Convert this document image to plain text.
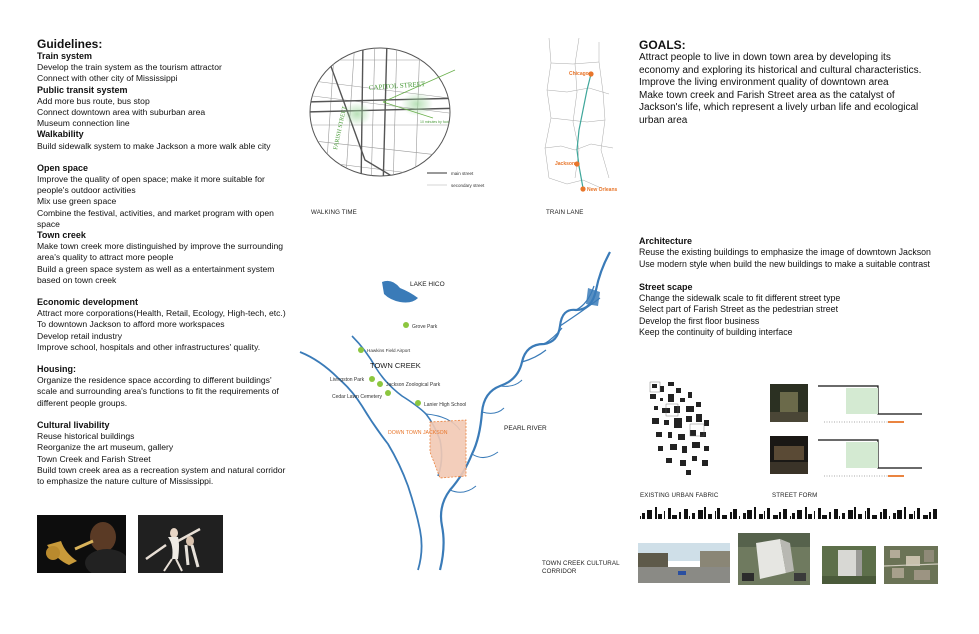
Guidelines:
Train system
Develop the train system as the tourism attractor
Connect with other city of Mississippi
Public transit system
Add more bus route, bus stop
Connect downtown area with suburban area
Museum connection line
Walkability
Build sidewalk system to make Jackson a more walk able city
Open space
Improve the quality of open space; make it more suitable for people's outdoor activities
Mix use green space
Combine the festival, activities, and market program with open space
Town creek
Make town creek more distinguished by improve the surrounding area's quality to attract more people
Build a green space system as well as a entertainment system based on town creek
Economic development
Attract more corporations(Health, Retail, Ecology, High-tech, etc.) To downtown Jackson to afford more workspaces
Develop retail industry
Improve school, hospitals and other infrastructures' quality.
Housing:
Organize the residence space according to different buildings' scale and surrounding area's functions to fit the requirements of different people groups.
Cultural livability
Reuse historical buildings
Reorganize the art museum, gallery
Town Creek and Farish Street
Build town creek area as a recreation system and natural corridor to emphasize the nature culture of Mississippi.
CAPITOL STREET
FARISH STREET	10 minutes by foot
main street
secondary street
WALKING TIME
Chicago
Jackson
New Orleans
TRAIN LANE
LAKE HICO
DOWN TOWN JACKSON
Grove Park
Hawkins Field Airport
TOWN CREEK
Livingston Park
Jackson Zoological Park
Cedar Lawn Cemetery
Lanier High School
PEARL RIVER
TOWN CREEK CULTURAL CORRIDOR
GOALS:
Attract people to live in down town area by developing its economy and exploring its historical and cultural characteristics.
Improve the living environment quality of downtown area
Make town creek and Farish Street area as the catalyst of Jackson's life, which represent a lively urban life and ecological urban area
Architecture
Reuse the existing buildings to emphasize the image of downtown Jackson
Use modern style when build the new buildings to make a suitable contrast
Street scape
Change the sidewalk scale to fit different street type
Select part of Farish Street as the pedestrian street
Develop the first floor business
Keep the continuity of building interface
EXISTING URBAN FABRIC	STREET FORM
